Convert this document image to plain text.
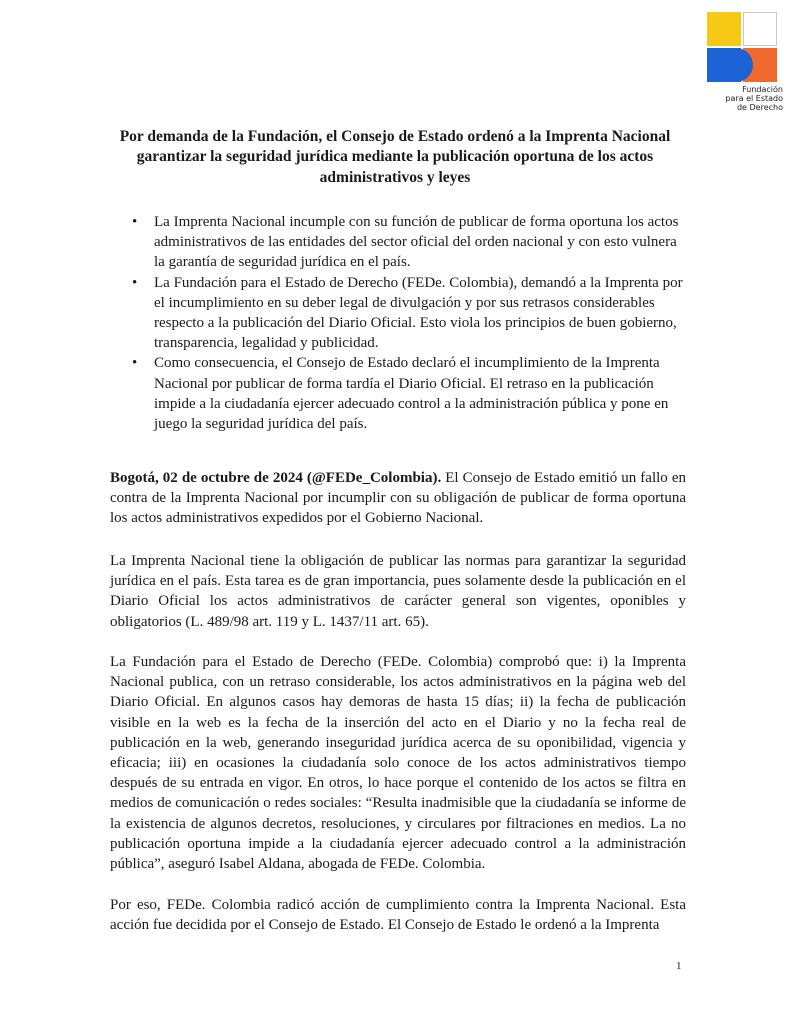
Fundación
para el Estado
de Derecho
Por demanda de la Fundación, el Consejo de Estado ordenó a la Imprenta Nacional garantizar la seguridad jurídica mediante la publicación oportuna de los actos administrativos y leyes
• La Imprenta Nacional incumple con su función de publicar de forma oportuna los actos administrativos de las entidades del sector oficial del orden nacional y con esto vulnera la garantía de seguridad jurídica en el país.
• La Fundación para el Estado de Derecho (FEDe. Colombia), demandó a la Imprenta por el incumplimiento en su deber legal de divulgación y por sus retrasos considerables respecto a la publicación del Diario Oficial. Esto viola los principios de buen gobierno, transparencia, legalidad y publicidad.
• Como consecuencia, el Consejo de Estado declaró el incumplimiento de la Imprenta Nacional por publicar de forma tardía el Diario Oficial. El retraso en la publicación impide a la ciudadanía ejercer adecuado control a la administración pública y pone en juego la seguridad jurídica del país.

Bogotá, 02 de octubre de 2024 (@FEDe_Colombia). El Consejo de Estado emitió un fallo en contra de la Imprenta Nacional por incumplir con su obligación de publicar de forma oportuna los actos administrativos expedidos por el Gobierno Nacional.

La Imprenta Nacional tiene la obligación de publicar las normas para garantizar la seguridad jurídica en el país. Esta tarea es de gran importancia, pues solamente desde la publicación en el Diario Oficial los actos administrativos de carácter general son vigentes, oponibles y obligatorios (L. 489/98 art. 119 y L. 1437/11 art. 65).

La Fundación para el Estado de Derecho (FEDe. Colombia) comprobó que: i) la Imprenta Nacional publica, con un retraso considerable, los actos administrativos en la página web del Diario Oficial. En algunos casos hay demoras de hasta 15 días; ii) la fecha de publicación visible en la web es la fecha de la inserción del acto en el Diario y no la fecha real de publicación en la web, generando inseguridad jurídica acerca de su oponibilidad, vigencia y eficacia; iii) en ocasiones la ciudadanía solo conoce de los actos administrativos tiempo después de su entrada en vigor. En otros, lo hace porque el contenido de los actos se filtra en medios de comunicación o redes sociales: “Resulta inadmisible que la ciudadanía se informe de la existencia de algunos decretos, resoluciones, y circulares por filtraciones en medios. La no publicación oportuna impide a la ciudadanía ejercer adecuado control a la administración pública”, aseguró Isabel Aldana, abogada de FEDe. Colombia.

Por eso, FEDe. Colombia radicó acción de cumplimiento contra la Imprenta Nacional. Esta acción fue decidida por el Consejo de Estado. El Consejo de Estado le ordenó a la Imprenta

1
